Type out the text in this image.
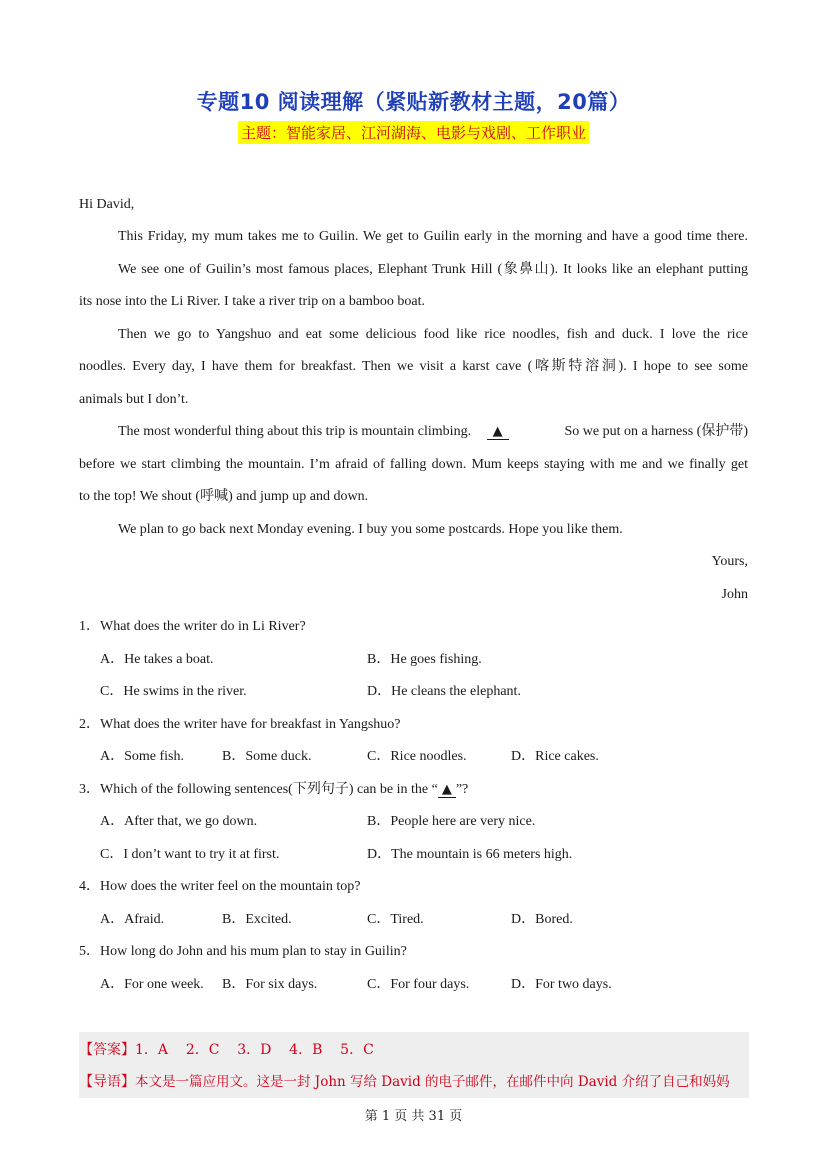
专题10 阅读理解（紧贴新教材主题，20篇）
主题：智能家居、江河湖海、电影与戏剧、工作职业
Hi David,
This Friday, my mum takes me to Guilin. We get to Guilin early in the morning and have a good time there.
We see one of Guilin’s most famous places, Elephant Trunk Hill (象鼻山). It looks like an elephant putting
its nose into the Li River. I take a river trip on a bamboo boat.
Then we go to Yangshuo and eat some delicious food like rice noodles, fish and duck. I love the rice
noodles. Every day, I have them for breakfast. Then we visit a karst cave (喀斯特溶洞). I hope to see some
animals but I don’t.
The most wonderful thing about this trip is mountain climbing. ▲	So we put on a harness (保护带)
before we start climbing the mountain. I’m afraid of falling down. Mum keeps staying with me and we finally get
to the top! We shout (呼喊) and jump up and down.
We plan to go back next Monday evening. I buy you some postcards. Hope you like them.
Yours,
John
1．What does the writer do in Li River?
A．He takes a boat.	B．He goes fishing.
C．He swims in the river.	D．He cleans the elephant.
2．What does the writer have for breakfast in Yangshuo?
A．Some fish.	B．Some duck.	C．Rice noodles.	D．Rice cakes.
3．Which of the following sentences(下列句子) can be in the “ ▲ ”?
A．After that, we go down.	B．People here are very nice.
C．I don’t want to try it at first.	D．The mountain is 66 meters high.
4．How does the writer feel on the mountain top?
A．Afraid.	B．Excited.	C．Tired.	D．Bored.
5．How long do John and his mum plan to stay in Guilin?
A．For one week. B．For six days.	C．For four days.	D．For two days.
【答案】1．A    2．C    3．D    4．B    5．C
【导语】本文是一篇应用文。这是一封 John 写给 David 的电子邮件，在邮件中向 David 介绍了自己和妈妈
第 1 页 共 31 页
